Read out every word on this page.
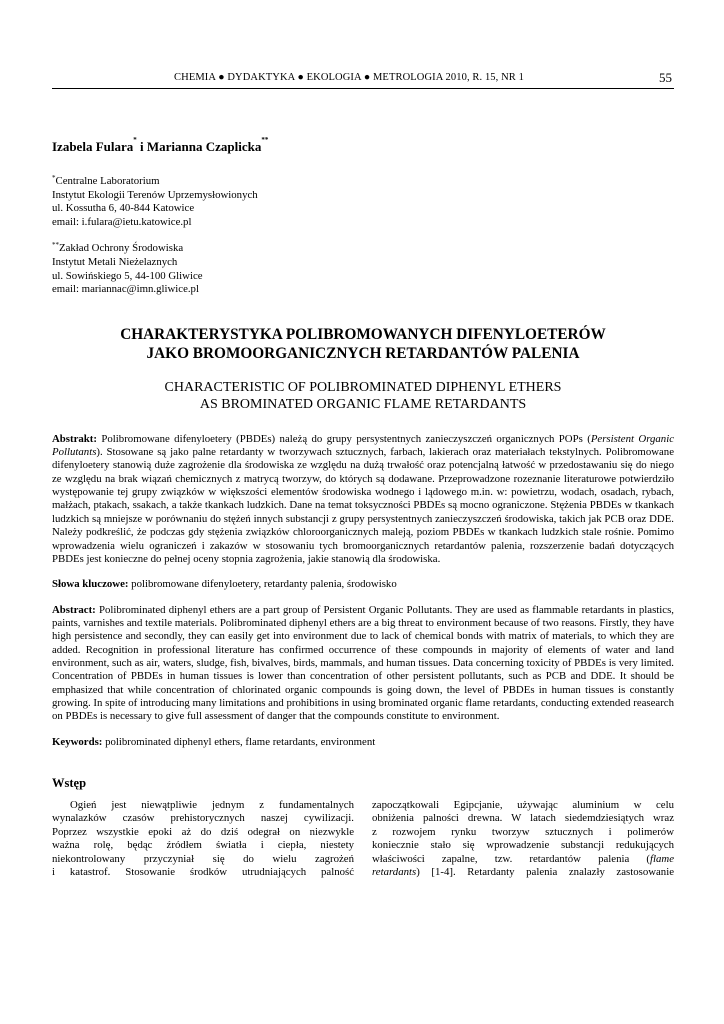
CHEMIA ● DYDAKTYKA ● EKOLOGIA ● METROLOGIA 2010, R. 15, NR 1	55
Izabela Fulara* i Marianna Czaplicka**
*Centralne Laboratorium
Instytut Ekologii Terenów Uprzemysłowionych
ul. Kossutha 6, 40-844 Katowice
email: i.fulara@ietu.katowice.pl
**Zakład Ochrony Środowiska
Instytut Metali Nieżelaznych
ul. Sowińskiego 5, 44-100 Gliwice
email: mariannac@imn.gliwice.pl
CHARAKTERYSTYKA POLIBROMOWANYCH DIFENYLOETERÓW
JAKO BROMOORGANICZNYCH RETARDANTÓW PALENIA
CHARACTERISTIC OF POLIBROMINATED DIPHENYL ETHERS
AS BROMINATED ORGANIC FLAME RETARDANTS
Abstrakt: Polibromowane difenyloetery (PBDEs) należą do grupy persystentnych zanieczyszczeń organicznych POPs (Persistent Organic Pollutants). Stosowane są jako palne retardanty w tworzywach sztucznych, farbach, lakierach oraz materiałach tekstylnych. Polibromowane difenyloetery stanowią duże zagrożenie dla środowiska ze względu na dużą trwałość oraz potencjalną łatwość w przedostawaniu się do niego ze względu na brak wiązań chemicznych z matrycą tworzyw, do których są dodawane. Przeprowadzone rozeznanie literaturowe potwierdziło występowanie tej grupy związków w większości elementów środowiska wodnego i lądowego m.in. w: powietrzu, wodach, osadach, rybach, małżach, ptakach, ssakach, a także tkankach ludzkich. Dane na temat toksyczności PBDEs są mocno ograniczone. Stężenia PBDEs w tkankach ludzkich są mniejsze w porównaniu do stężeń innych substancji z grupy persystentnych zanieczyszczeń środowiska, takich jak PCB oraz DDE. Należy podkreślić, że podczas gdy stężenia związków chloroorganicznych maleją, poziom PBDEs w tkankach ludzkich stale rośnie. Pomimo wprowadzenia wielu ograniczeń i zakazów w stosowaniu tych bromoorganicznych retardantów palenia, rozszerzenie badań dotyczących PBDEs jest konieczne do pełnej oceny stopnia zagrożenia, jakie stanowią dla środowiska.
Słowa kluczowe: polibromowane difenyloetery, retardanty palenia, środowisko
Abstract: Polibrominated diphenyl ethers are a part group of Persistent Organic Pollutants. They are used as flammable retardants in plastics, paints, varnishes and textile materials. Polibrominated diphenyl ethers are a big threat to environment because of two reasons. Firstly, they have high persistence and secondly, they can easily get into environment due to lack of chemical bonds with matrix of materials, to which they are added. Recognition in professional literature has confirmed occurrence of these compounds in majority of elements of water and land environment, such as air, waters, sludge, fish, bivalves, birds, mammals, and human tissues. Data concerning toxicity of PBDEs is very limited. Concentration of PBDEs in human tissues is lower than concentration of other persistent pollutants, such as PCB and DDE. It should be emphasized that while concentration of chlorinated organic compounds is going down, the level of PBDEs in human tissues is constantly growing. In spite of introducing many limitations and prohibitions in using brominated organic flame retardants, conducting extended reasearch on PBDEs is necessary to give full assessment of danger that the compounds constitute to environment.
Keywords: polibrominated diphenyl ethers, flame retardants, environment
Wstęp
Ogień jest niewątpliwie jednym z fundamentalnych
wynalazków czasów prehistorycznych naszej cywilizacji.
Poprzez wszystkie epoki aż do dziś odegrał on niezwykle
ważna rolę, będąc źródłem światła i ciepła, niestety
niekontrolowany przyczyniał się do wielu zagrożeń
i katastrof. Stosowanie środków utrudniających palność
zapoczątkowali Egipcjanie, używając aluminium w celu
obniżenia palności drewna. W latach siedemdziesiątych wraz
z rozwojem rynku tworzyw sztucznych i polimerów
koniecznie stało się wprowadzenie substancji redukujących
właściwości zapalne, tzw. retardantów palenia (flame
retardants) [1-4]. Retardanty palenia znalazły zastosowanie
